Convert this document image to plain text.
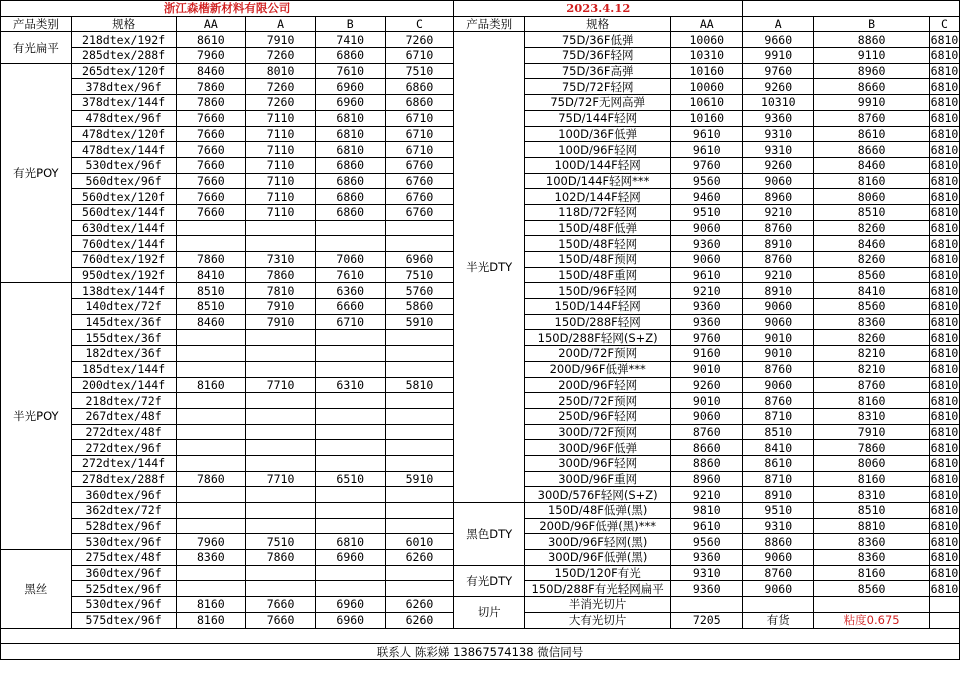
浙江森楷新材料有限公司						2023.4.12					
产品类别	规格	AA	A	B	C	产品类别	规格	AA	A	B	C
有光扁平	218dtex/192f	8610	7910	7410	7260	半光DTY	75D/36F低弹	10060	9660	8860	6810
	285dtex/288f	7960	7260	6860	6710		75D/36F轻网	10310	9910	9110	6810
有光POY	265dtex/120f	8460	8010	7610	7510		75D/36F高弹	10160	9760	8960	6810
	378dtex/96f	7860	7260	6960	6860		75D/72F轻网	10060	9260	8660	6810
	378dtex/144f	7860	7260	6960	6860		75D/72F无网高弹	10610	10310	9910	6810
	478dtex/96f	7660	7110	6810	6710		75D/144F轻网	10160	9360	8760	6810
	478dtex/120f	7660	7110	6810	6710		100D/36F低弹	9610	9310	8610	6810
	478dtex/144f	7660	7110	6810	6710		100D/96F轻网	9610	9310	8660	6810
	530dtex/96f	7660	7110	6860	6760		100D/144F轻网	9760	9260	8460	6810
	560dtex/96f	7660	7110	6860	6760		100D/144F轻网***	9560	9060	8160	6810
	560dtex/120f	7660	7110	6860	6760		102D/144F轻网	9460	8960	8060	6810
	560dtex/144f	7660	7110	6860	6760		118D/72F轻网	9510	9210	8510	6810
	630dtex/144f						150D/48F低弹	9060	8760	8260	6810
	760dtex/144f						150D/48F轻网	9360	8910	8460	6810
	760dtex/192f	7860	7310	7060	6960		150D/48F预网	9060	8760	8260	6810
	950dtex/192f	8410	7860	7610	7510		150D/48F重网	9610	9210	8560	6810
半光POY	138dtex/144f	8510	7810	6360	5760		150D/96F轻网	9210	8910	8410	6810
	140dtex/72f	8510	7910	6660	5860		150D/144F轻网	9360	9060	8560	6810
	145dtex/36f	8460	7910	6710	5910		150D/288F轻网	9360	9060	8360	6810
	155dtex/36f						150D/288F轻网(S+Z)	9760	9010	8260	6810
	182dtex/36f						200D/72F预网	9160	9010	8210	6810
	185dtex/144f						200D/96F低弹***	9010	8760	8210	6810
	200dtex/144f	8160	7710	6310	5810		200D/96F轻网	9260	9060	8760	6810
	218dtex/72f						250D/72F预网	9010	8760	8160	6810
	267dtex/48f						250D/96F轻网	9060	8710	8310	6810
	272dtex/48f						300D/72F预网	8760	8510	7910	6810
	272dtex/96f						300D/96F低弹	8660	8410	7860	6810
	272dtex/144f						300D/96F轻网	8860	8610	8060	6810
	278dtex/288f	7860	7710	6510	5910		300D/96F重网	8960	8710	8160	6810
	360dtex/96f						300D/576F轻网(S+Z)	9210	8910	8310	6810
	362dtex/72f					黑色DTY	150D/48F低弹(黑)	9810	9510	8510	6810
	528dtex/96f						200D/96F低弹(黑)***	9610	9310	8810	6810
	530dtex/96f	7960	7510	6810	6010		300D/96F轻网(黑)	9560	8860	8360	6810
黑丝	275dtex/48f	8360	7860	6960	6260		300D/96F低弹(黑)	9360	9060	8360	6810
	360dtex/96f					有光DTY	150D/120F有光	9310	8760	8160	6810
	525dtex/96f						150D/288F有光轻网扁平	9360	9060	8560	6810
	530dtex/96f	8160	7660	6960	6260	切片	半消光切片				
	575dtex/96f	8160	7660	6960	6260		大有光切片	7205	有货	粘度0.675	

联系人 陈彩娣 13867574138 微信同号											
